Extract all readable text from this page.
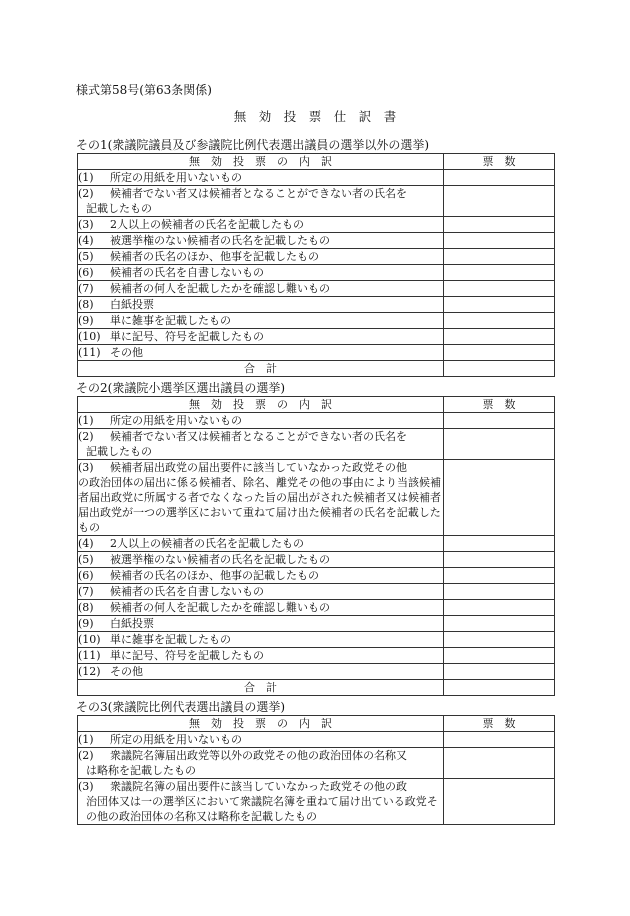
様式第58号(第63条関係)
無　効　投　票　仕　訳　書
その1(衆議院議員及び参議院比例代表選出議員の選挙以外の選挙)
無　効　投　票　の　内　訳	票　数
(1) 所定の用紙を用いないもの	
(2) 候補者でない者又は候補者となることができない者の氏名を
記載したもの	

(3) 2人以上の候補者の氏名を記載したもの	
(4) 被選挙権のない候補者の氏名を記載したもの	
(5) 候補者の氏名のほか、他事を記載したもの	
(6) 候補者の氏名を自書しないもの	
(7) 候補者の何人を記載したかを確認し難いもの	
(8) 白紙投票	
(9) 単に雑事を記載したもの	
(10) 単に記号、符号を記載したもの	
(11) その他	
合　計	
その2(衆議院小選挙区選出議員の選挙)
無　効　投　票　の　内　訳	票　数
(1) 所定の用紙を用いないもの	
(2) 候補者でない者又は候補者となることができない者の氏名を
記載したもの	

(3) 候補者届出政党の届出要件に該当していなかった政党その他
の政治団体の届出に係る候補者、除名、離党その他の事由により当該候補者届出政党に所属する者でなくなった旨の届出がされた候補者又は候補者届出政党が一つの選挙区において重ねて届け出た候補者の氏名を記載したもの	

(4) 2人以上の候補者の氏名を記載したもの	
(5) 被選挙権のない候補者の氏名を記載したもの	
(6) 候補者の氏名のほか、他事の記載したもの	
(7) 候補者の氏名を自書しないもの	
(8) 候補者の何人を記載したかを確認し難いもの	
(9) 白紙投票	
(10) 単に雑事を記載したもの	
(11) 単に記号、符号を記載したもの	
(12) その他	
合　計	
その3(衆議院比例代表選出議員の選挙)
無　効　投　票　の　内　訳	票　数
(1) 所定の用紙を用いないもの	
(2) 衆議院名簿届出政党等以外の政党その他の政治団体の名称又
は略称を記載したもの	

(3) 衆議院名簿の届出要件に該当していなかった政党その他の政
治団体又は一の選挙区において衆議院名簿を重ねて届け出ている政党その他の政治団体の名称又は略称を記載したもの	
